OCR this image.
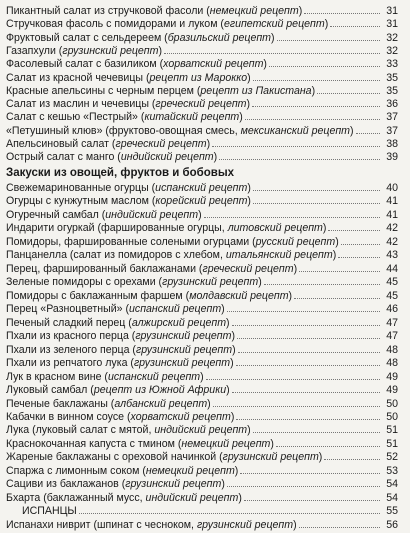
Пикантный салат из стручковой фасоли (немецкий рецепт)	31
Стручковая фасоль с помидорами и луком (египетский рецепт)	31
Фруктовый салат с сельдереем (бразильский рецепт)	32
Газапхули (грузинский рецепт)	32
Фасолевый салат с базиликом (хорватский рецепт)	33
Салат из красной чечевицы (рецепт из Марокко)	35
Красные апельсины с черным перцем (рецепт из Пакистана)	35
Салат из маслин и чечевицы (греческий рецепт)	36
Салат с кешью «Пестрый» (китайский рецепт)	37
«Петушиный клюв» (фруктово-овощная смесь, мексиканский рецепт)	37
Апельсиновый салат (греческий рецепт)	38
Острый салат с манго (индийский рецепт)	39
Закуски из овощей, фруктов и бобовых
Свежемаринованные огурцы (испанский рецепт)	40
Огурцы с кунжутным маслом (корейский рецепт)	41
Огуречный самбал (индийский рецепт)	41
Индарити огуркай (фаршированные огурцы, литовский рецепт)	42
Помидоры, фаршированные солеными огурцами (русский рецепт)	42
Панцанелла (салат из помидоров с хлебом, итальянский рецепт)	43
Перец, фаршированный баклажанами (греческий рецепт)	44
Зеленые помидоры с орехами (грузинский рецепт)	45
Помидоры с баклажанным фаршем (молдавский рецепт)	45
Перец «Разноцветный» (испанский рецепт)	46
Печеный сладкий перец (алжирский рецепт)	47
Пхали из красного перца (грузинский рецепт)	47
Пхали из зеленого перца (грузинский рецепт)	48
Пхали из репчатого лука (грузинский рецепт)	48
Лук в красном вине (испанский рецепт)	49
Луковый самбал (рецепт из Южной Африки)	49
Печеные баклажаны (албанский рецепт)	50
Кабачки в винном соусе (хорватский рецепт)	50
Лука (луковый салат с мятой, индийский рецепт)	51
Краснокочанная капуста с тмином (немецкий рецепт)	51
Жареные баклажаны с ореховой начинкой (грузинский рецепт)	52
Спаржа с лимонным соком (немецкий рецепт)	53
Сациви из баклажанов (грузинский рецепт)	54
Бхарта (баклажанный мусс, индийский рецепт)	54
ИСПАНЦЫ	55
Испанахи ниврит (шпинат с чесноком, грузинский рецепт)	56
